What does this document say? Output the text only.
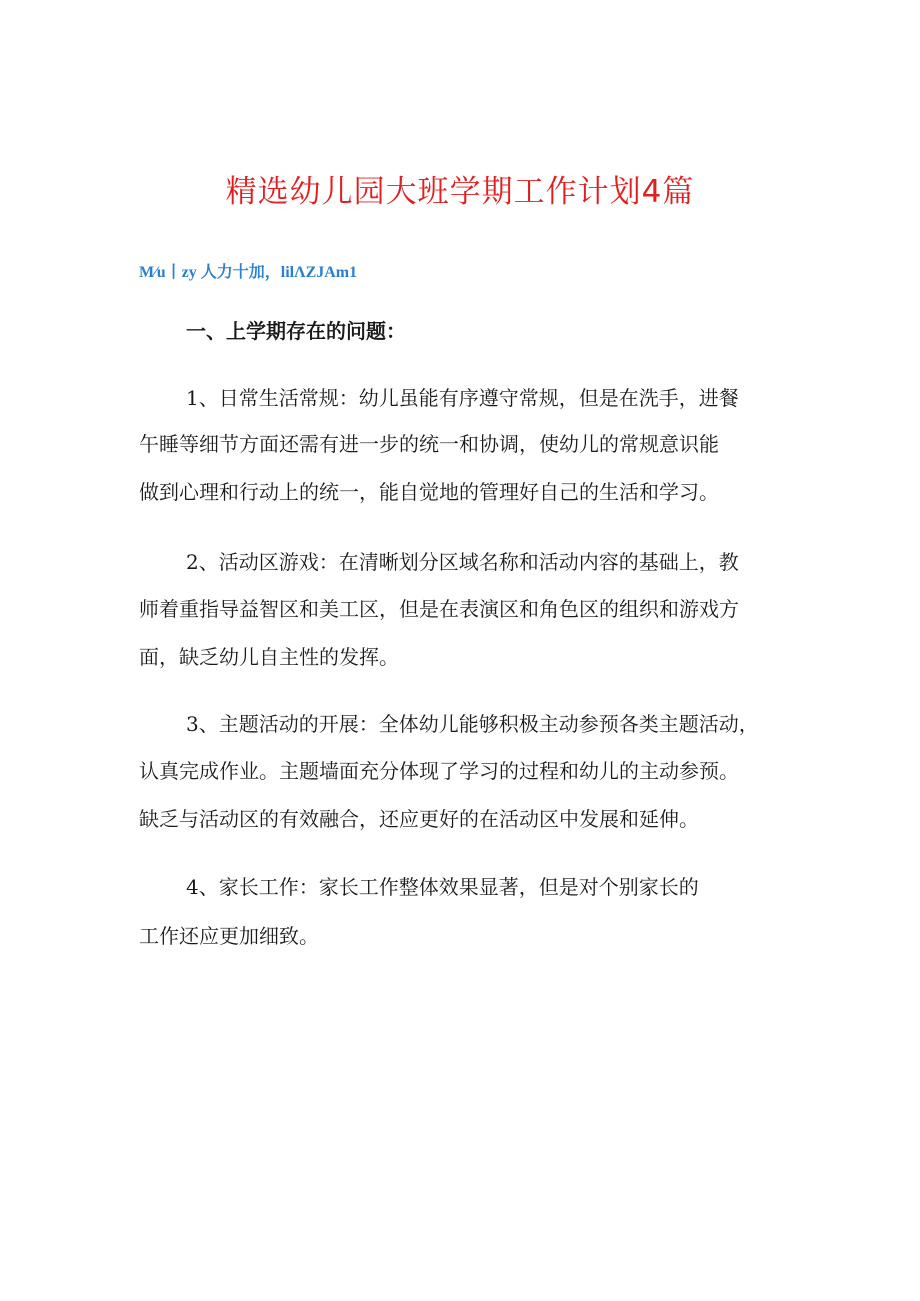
精选幼儿园大班学期工作计划4篇
M⁄u丨zy 人力十加，lilΛZJAm1
一、上学期存在的问题：
1、日常生活常规：幼儿虽能有序遵守常规，但是在洗手，进餐
午睡等细节方面还需有进一步的统一和协调，使幼儿的常规意识能
做到心理和行动上的统一，能自觉地的管理好自己的生活和学习。
2、活动区游戏：在清晰划分区域名称和活动内容的基础上，教
师着重指导益智区和美工区，但是在表演区和角色区的组织和游戏方
面，缺乏幼儿自主性的发挥。
3、主题活动的开展：全体幼儿能够积极主动参预各类主题活动，
认真完成作业。主题墙面充分体现了学习的过程和幼儿的主动参预。
缺乏与活动区的有效融合，还应更好的在活动区中发展和延伸。
4、家长工作：家长工作整体效果显著，但是对个别家长的
工作还应更加细致。
